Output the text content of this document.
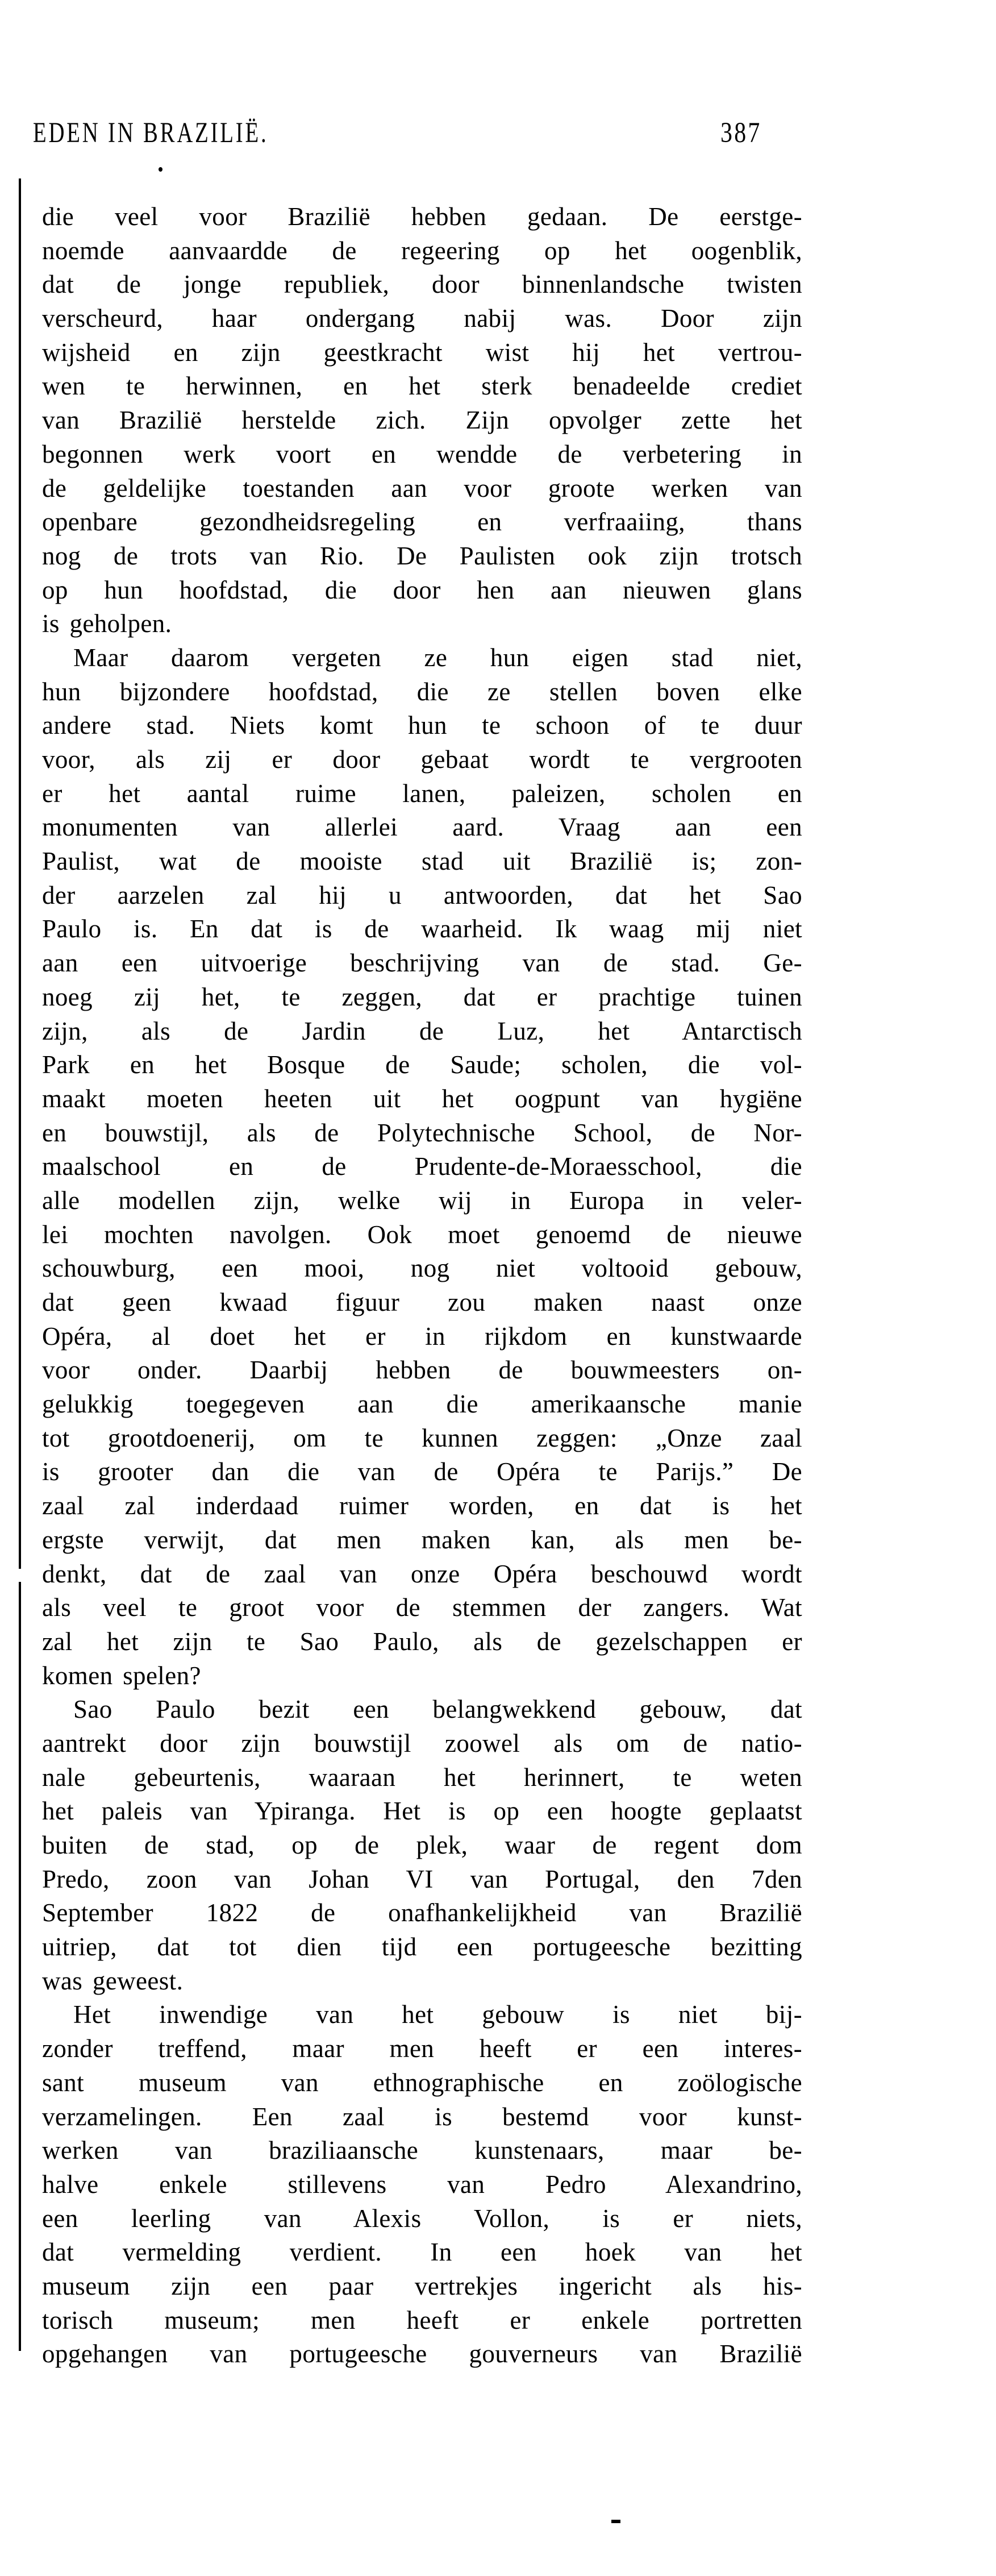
EDEN IN BRAZILIË.	387
die veel voor Brazilië hebben gedaan. De eerstge-
noemde aanvaardde de regeering op het oogenblik,
dat de jonge republiek, door binnenlandsche twisten
verscheurd, haar ondergang nabij was. Door zijn
wijsheid en zijn geestkracht wist hij het vertrou-
wen te herwinnen, en het sterk benadeelde crediet
van Brazilië herstelde zich. Zijn opvolger zette het
begonnen werk voort en wendde de verbetering in
de geldelijke toestanden aan voor groote werken van
openbare gezondheidsregeling en verfraaiing, thans
nog de trots van Rio. De Paulisten ook zijn trotsch
op hun hoofdstad, die door hen aan nieuwen glans
is geholpen.
Maar daarom vergeten ze hun eigen stad niet,
hun bijzondere hoofdstad, die ze stellen boven elke
andere stad. Niets komt hun te schoon of te duur
voor, als zij er door gebaat wordt te vergrooten
er het aantal ruime lanen, paleizen, scholen en
monumenten van allerlei aard. Vraag aan een
Paulist, wat de mooiste stad uit Brazilië is; zon-
der aarzelen zal hij u antwoorden, dat het Sao
Paulo is. En dat is de waarheid. Ik waag mij niet
aan een uitvoerige beschrijving van de stad. Ge-
noeg zij het, te zeggen, dat er prachtige tuinen
zijn, als de Jardin de Luz, het Antarctisch
Park en het Bosque de Saude; scholen, die vol-
maakt moeten heeten uit het oogpunt van hygiëne
en bouwstijl, als de Polytechnische School, de Nor-
maalschool en de Prudente-de-Moraesschool, die
alle modellen zijn, welke wij in Europa in veler-
lei mochten navolgen. Ook moet genoemd de nieuwe
schouwburg, een mooi, nog niet voltooid gebouw,
dat geen kwaad figuur zou maken naast onze
Opéra, al doet het er in rijkdom en kunstwaarde
voor onder. Daarbij hebben de bouwmeesters on-
gelukkig toegegeven aan die amerikaansche manie
tot grootdoenerij, om te kunnen zeggen: „Onze zaal
is grooter dan die van de Opéra te Parijs.” De
zaal zal inderdaad ruimer worden, en dat is het
ergste verwijt, dat men maken kan, als men be-
denkt, dat de zaal van onze Opéra beschouwd wordt
als veel te groot voor de stemmen der zangers. Wat
zal het zijn te Sao Paulo, als de gezelschappen er
komen spelen?
Sao Paulo bezit een belangwekkend gebouw, dat
aantrekt door zijn bouwstijl zoowel als om de natio-
nale gebeurtenis, waaraan het herinnert, te weten
het paleis van Ypiranga. Het is op een hoogte geplaatst
buiten de stad, op de plek, waar de regent dom
Predo, zoon van Johan VI van Portugal, den 7den
September 1822 de onafhankelijkheid van Brazilië
uitriep, dat tot dien tijd een portugeesche bezitting
was geweest.
Het inwendige van het gebouw is niet bij-
zonder treffend, maar men heeft er een interes-
sant museum van ethnographische en zoölogische
verzamelingen. Een zaal is bestemd voor kunst-
werken van braziliaansche kunstenaars, maar be-
halve enkele stillevens van Pedro Alexandrino,
een leerling van Alexis Vollon, is er niets,
dat vermelding verdient. In een hoek van het
museum zijn een paar vertrekjes ingericht als his-
torisch museum; men heeft er enkele portretten
opgehangen van portugeesche gouverneurs van Brazilië
